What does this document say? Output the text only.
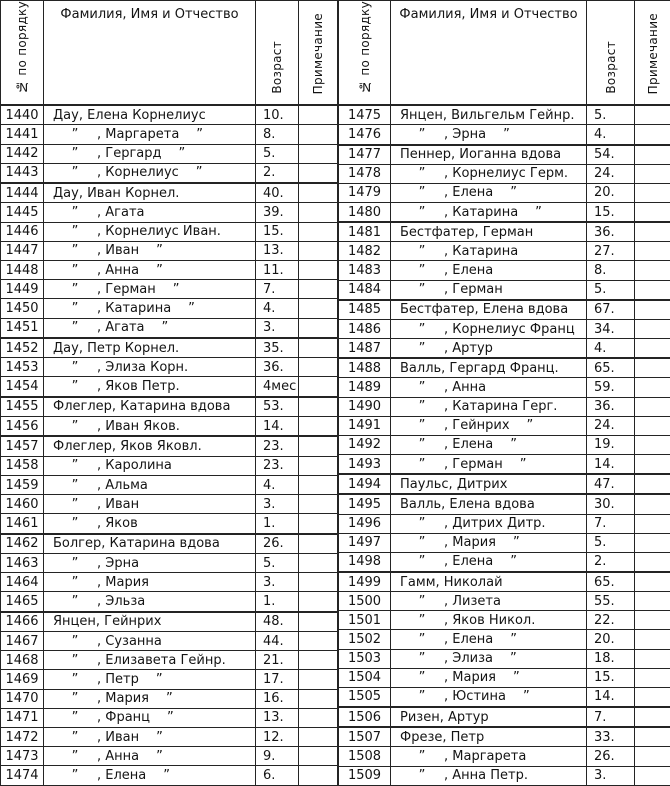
№ по порядку	Фамилия, Имя и Отчество	Возраст	Примечание
1440	Дау, Елена Корнелиус	10.	
1441	” , Маргарета ”	8.	
1442	” , Гергард ”	5.	
1443	” , Корнелиус ”	2.	
1444	Дау, Иван Корнел.	40.	
1445	” , Агата	39.	
1446	” , Корнелиус Иван.	15.	
1447	” , Иван ”	13.	
1448	” , Анна ”	11.	
1449	” , Герман ”	7.	
1450	” , Катарина ”	4.	
1451	” , Агата ”	3.	
1452	Дау, Петр Корнел.	35.	
1453	” , Элиза Корн.	36.	
1454	” , Яков Петр.	4мес	
1455	Флеглер, Катарина вдова	53.	
1456	” , Иван Яков.	14.	
1457	Флеглер, Яков Яковл.	23.	
1458	” , Каролина	23.	
1459	” , Альма	4.	
1460	” , Иван	3.	
1461	” , Яков	1.	
1462	Болгер, Катарина вдова	26.	
1463	” , Эрна	5.	
1464	” , Мария	3.	
1465	” , Эльза	1.	
1466	Янцен, Гейнрих	48.	
1467	” , Сузанна	44.	
1468	” , Елизавета Гейнр.	21.	
1469	” , Петр ”	17.	
1470	” , Мария ”	16.	
1471	” , Франц ”	13.	
1472	” , Иван ”	12.	
1473	” , Анна ”	9.	
1474	” , Елена ”	6.	
№ по порядку	Фамилия, Имя и Отчество	Возраст	Примечание
1475	Янцен, Вильгельм Гейнр.	5.	
1476	” , Эрна ”	4.	
1477	Пеннер, Иоганна вдова	54.	
1478	” , Корнелиус Герм.	24.	
1479	” , Елена ”	20.	
1480	” , Катарина ”	15.	
1481	Бестфатер, Герман	36.	
1482	” , Катарина	27.	
1483	” , Елена	8.	
1484	” , Герман	5.	
1485	Бестфатер, Елена вдова	67.	
1486	” , Корнелиус Франц	34.	
1487	” , Артур	4.	
1488	Валль, Гергард Франц.	65.	
1489	” , Анна	59.	
1490	” , Катарина Герг.	36.	
1491	” , Гейнрих ”	24.	
1492	” , Елена ”	19.	
1493	” , Герман ”	14.	
1494	Паульс, Дитрих	47.	
1495	Валль, Елена вдова	30.	
1496	” , Дитрих Дитр.	7.	
1497	” , Мария ”	5.	
1498	” , Елена ”	2.	
1499	Гамм, Николай	65.	
1500	” , Лизета	55.	
1501	” , Яков Никол.	22.	
1502	” , Елена ”	20.	
1503	” , Элиза ”	18.	
1504	” , Мария ”	15.	
1505	” , Юстина ”	14.	
1506	Ризен, Артур	7.	
1507	Фрезе, Петр	33.	
1508	” , Маргарета	26.	
1509	” , Анна Петр.	3.	
